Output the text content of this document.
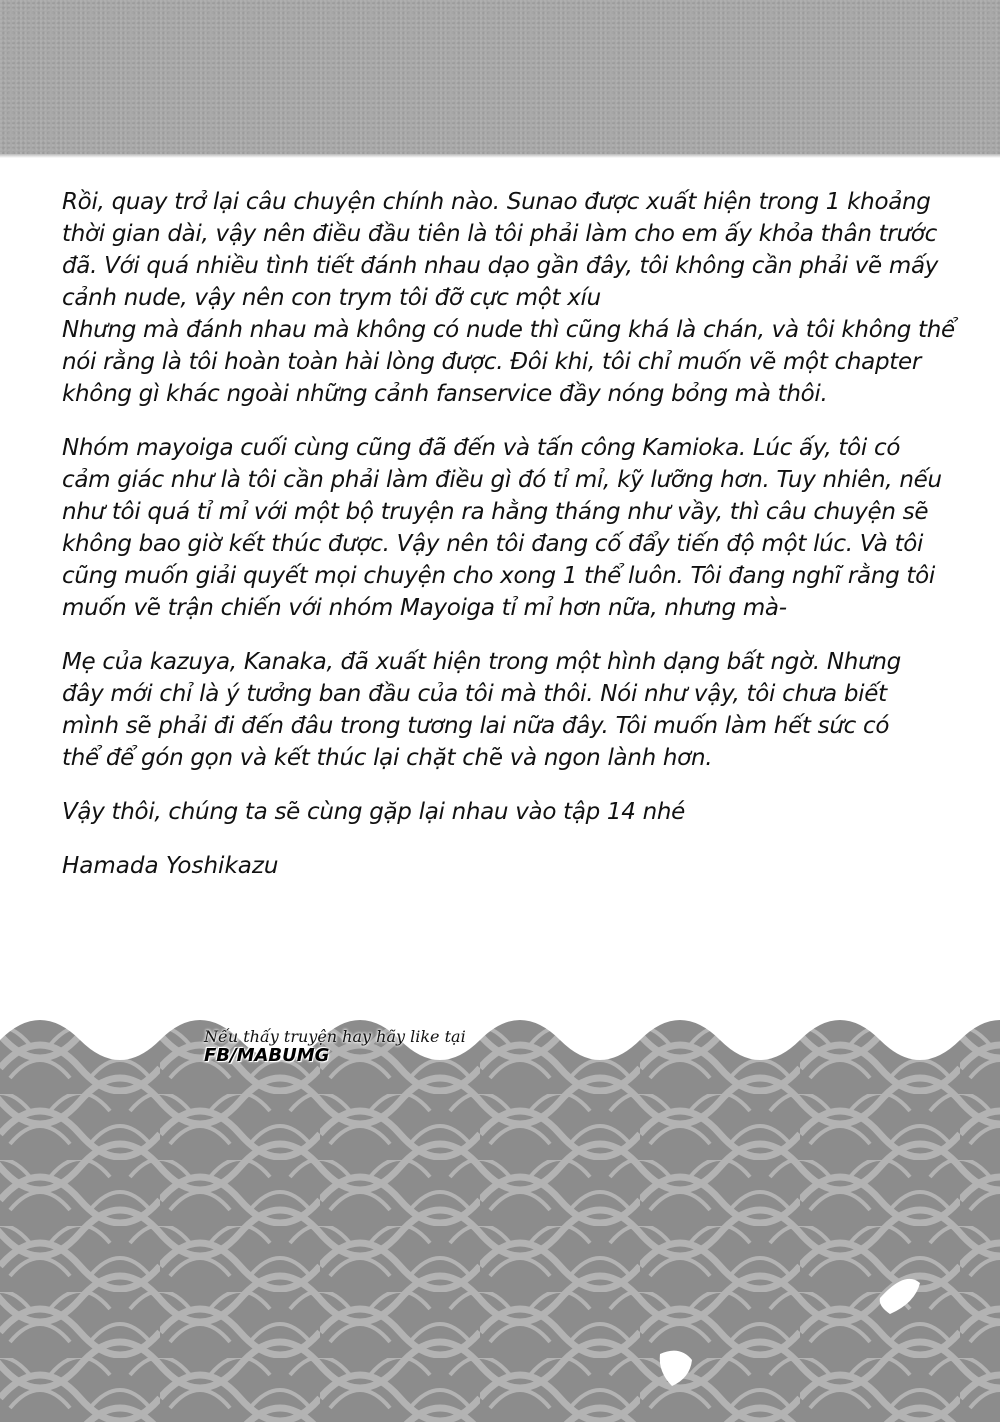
Rồi, quay trở lại câu chuyện chính nào. Sunao được xuất hiện trong 1 khoảng
thời gian dài, vậy nên điều đầu tiên là tôi phải làm cho em ấy khỏa thân trước
đã. Với quá nhiều tình tiết đánh nhau dạo gần đây, tôi không cần phải vẽ mấy
cảnh nude, vậy nên con trym tôi đỡ cực một xíu
Nhưng mà đánh nhau mà không có nude thì cũng khá là chán, và tôi không thể
nói rằng là tôi hoàn toàn hài lòng được. Đôi khi, tôi chỉ muốn vẽ một chapter
không gì khác ngoài những cảnh fanservice đầy nóng bỏng mà thôi.
Nhóm mayoiga cuối cùng cũng đã đến và tấn công Kamioka. Lúc ấy, tôi có
cảm giác như là tôi cần phải làm điều gì đó tỉ mỉ, kỹ lưỡng hơn. Tuy nhiên, nếu
như tôi quá tỉ mỉ với một bộ truyện ra hằng tháng như vầy, thì câu chuyện sẽ
không bao giờ kết thúc được. Vậy nên tôi đang cố đẩy tiến độ một lúc. Và tôi
cũng muốn giải quyết mọi chuyện cho xong 1 thể luôn. Tôi đang nghĩ rằng tôi
muốn vẽ trận chiến với nhóm Mayoiga tỉ mỉ hơn nữa, nhưng mà-
Mẹ của kazuya, Kanaka, đã xuất hiện trong một hình dạng bất ngờ. Nhưng
đây mới chỉ là ý tưởng ban đầu của tôi mà thôi. Nói như vậy, tôi chưa biết
mình sẽ phải đi đến đâu trong tương lai nữa đây. Tôi muốn làm hết sức có
thể để gón gọn và kết thúc lại chặt chẽ và ngon lành hơn.
Vậy thôi, chúng ta sẽ cùng gặp lại nhau vào tập 14 nhé
Hamada Yoshikazu
Nếu thấy truyện hay hãy like tại
FB/MABUMG
